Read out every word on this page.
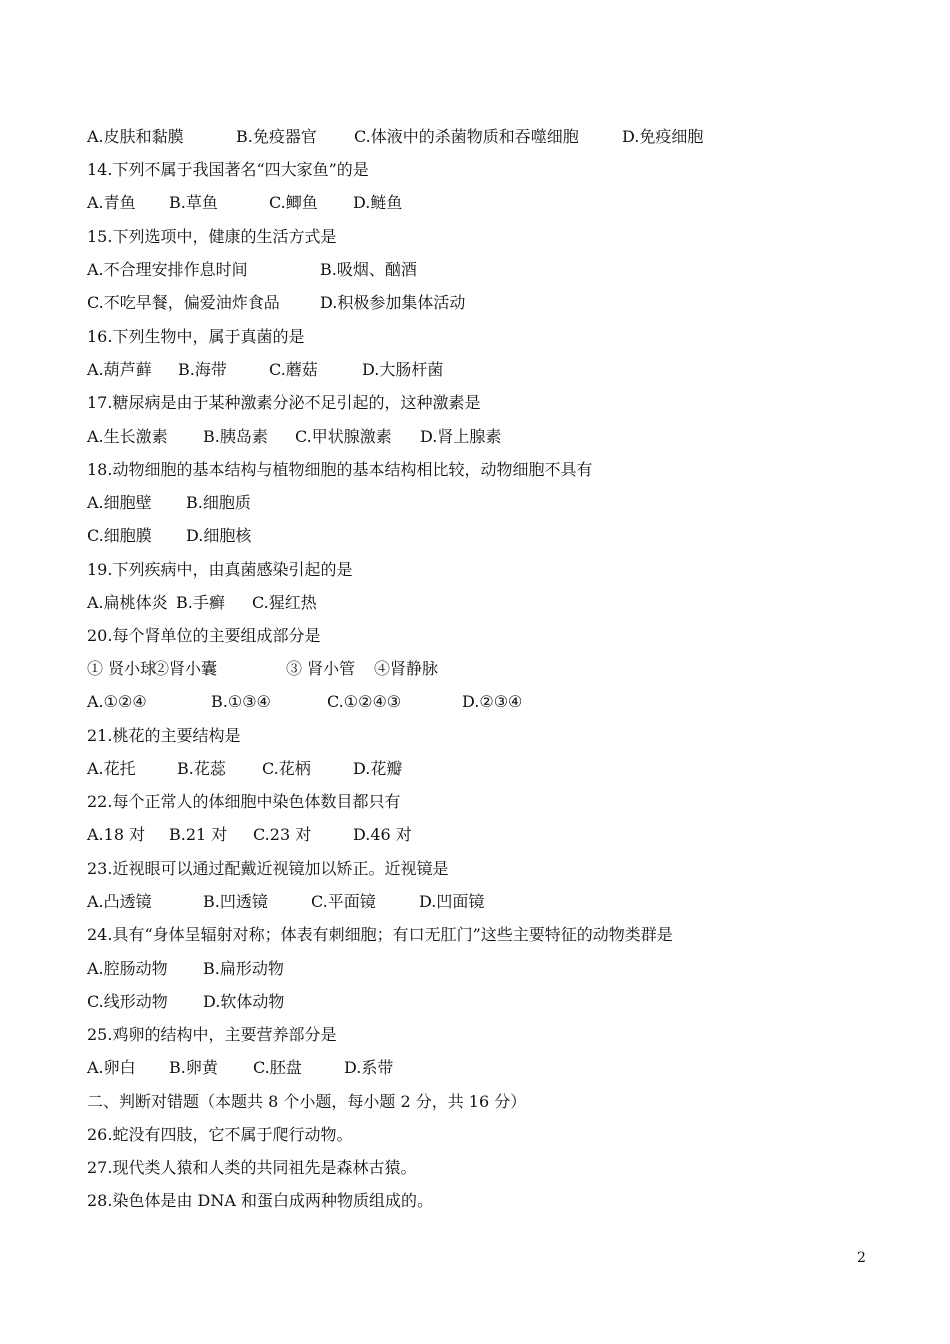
2
A.皮肤和黏膜	B.免疫器官 C.体液中的杀菌物质和吞噬细胞	D.免疫细胞
14.下列不属于我国著名“四大家鱼”的是
A.青鱼 B.草鱼	C.鲫鱼 D.鲢鱼
15.下列选项中，健康的生活方式是
A.不合理安排作息时间	B.吸烟、酗酒
C.不吃早餐，偏爱油炸食品	D.积极参加集体活动
16.下列生物中，属于真菌的是
A.葫芦藓 B.海带	C.蘑菇	D.大肠杆菌
17.糖尿病是由于某种激素分泌不足引起的，这种激素是
A.生长激素 B.胰岛素 C.甲状腺激素 D.肾上腺素
18.动物细胞的基本结构与植物细胞的基本结构相比较，动物细胞不具有
A.细胞壁 B.细胞质
C.细胞膜 D.细胞核
19.下列疾病中，由真菌感染引起的是
A.扁桃体炎 B.手癣 C.猩红热
20.每个肾单位的主要组成部分是
① 贤小球
②肾小囊	③ 肾小管 ④肾静脉
A.①②④	B.①③④	C.①②④③	D.②③④
21.桃花的主要结构是
A.花托	B.花蕊 C.花柄	D.花瓣
22.每个正常人的体细胞中染色体数目都只有
A.18 对 B.21 对 C.23 对	D.46 对
23.近视眼可以通过配戴近视镜加以矫正。近视镜是
A.凸透镜	B.凹透镜	C.平面镜	D.凹面镜
24.具有“身体呈辐射对称；体表有刺细胞；有口无肛门”这些主要特征的动物类群是
A.腔肠动物 B.扁形动物
C.线形动物 D.软体动物
25.鸡卵的结构中，主要营养部分是
A.卵白 B.卵黄 C.胚盘	D.系带
二、判断对错题（本题共 8 个小题，每小题 2 分，共 16 分）
26.蛇没有四肢，它不属于爬行动物。
27.现代类人猿和人类的共同祖先是森林古猿。
28.染色体是由 DNA 和蛋白成两种物质组成的。
